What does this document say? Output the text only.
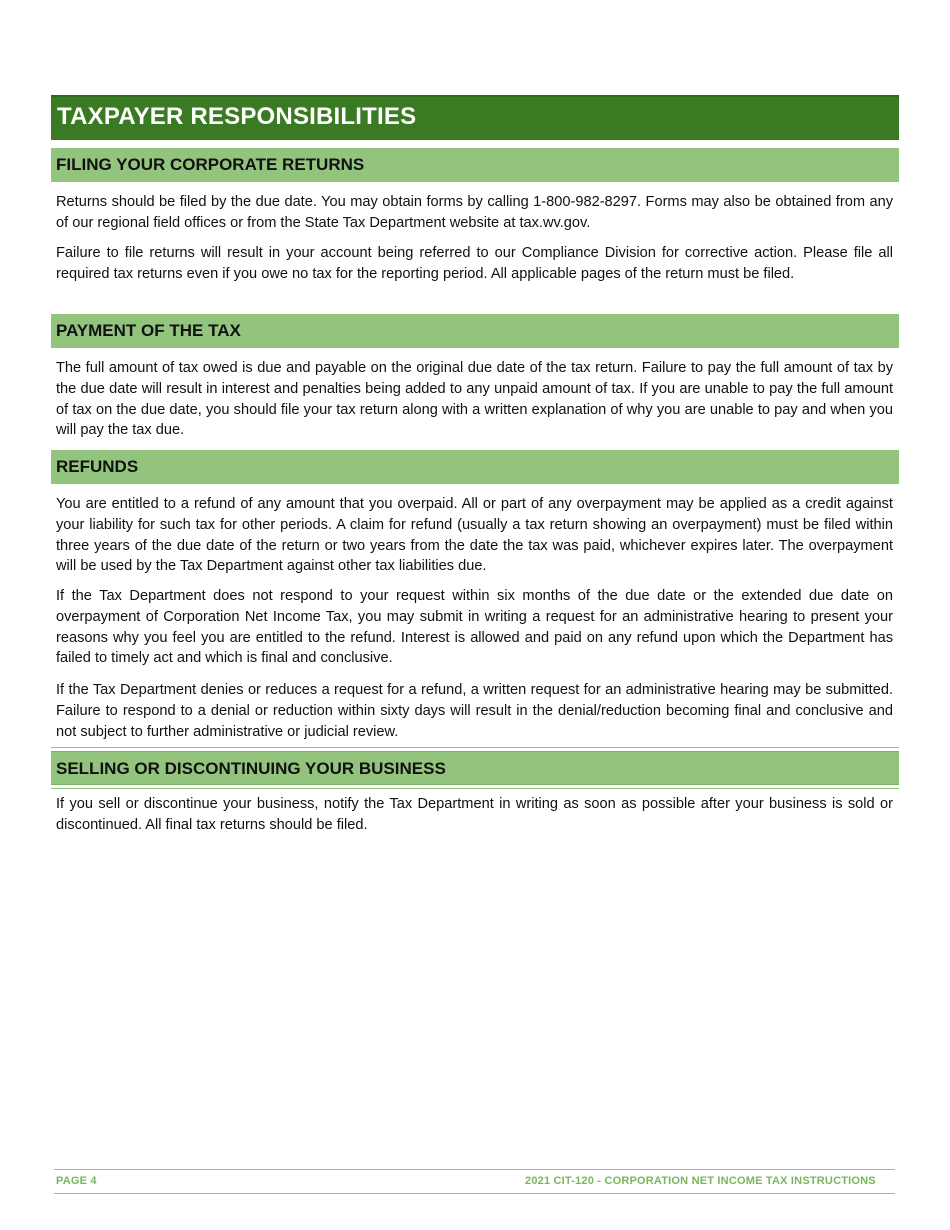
TAXPAYER RESPONSIBILITIES
FILING YOUR CORPORATE RETURNS

Returns should be filed by the due date. You may obtain forms by calling 1-800-982-8297. Forms may also be obtained from any of our regional field offices or from the State Tax Department website at tax.wv.gov.

Failure to file returns will result in your account being referred to our Compliance Division for corrective action. Please file all required tax returns even if you owe no tax for the reporting period. All applicable pages of the return must be filed.

PAYMENT OF THE TAX

The full amount of tax owed is due and payable on the original due date of the tax return. Failure to pay the full amount of tax by the due date will result in interest and penalties being added to any unpaid amount of tax. If you are unable to pay the full amount of tax on the due date, you should file your tax return along with a written explanation of why you are unable to pay and when you will pay the tax due.

REFUNDS

You are entitled to a refund of any amount that you overpaid. All or part of any overpayment may be applied as a credit against your liability for such tax for other periods. A claim for refund (usually a tax return showing an overpayment) must be filed within three years of the due date of the return or two years from the date the tax was paid, whichever expires later. The overpayment will be used by the Tax Department against other tax liabilities due.

If the Tax Department does not respond to your request within six months of the due date or the extended due date on overpayment of Corporation Net Income Tax, you may submit in writing a request for an administrative hearing to present your reasons why you feel you are entitled to the refund. Interest is allowed and paid on any refund upon which the Department has failed to timely act and which is final and conclusive.

If the Tax Department denies or reduces a request for a refund, a written request for an administrative hearing may be submitted. Failure to respond to a denial or reduction within sixty days will result in the denial/reduction becoming final and conclusive and not subject to further administrative or judicial review.

SELLING OR DISCONTINUING YOUR BUSINESS

If you sell or discontinue your business, notify the Tax Department in writing as soon as possible after your business is sold or discontinued. All final tax returns should be filed.

PAGE 4	2021 CIT-120 - CORPORATION NET INCOME TAX INSTRUCTIONS
